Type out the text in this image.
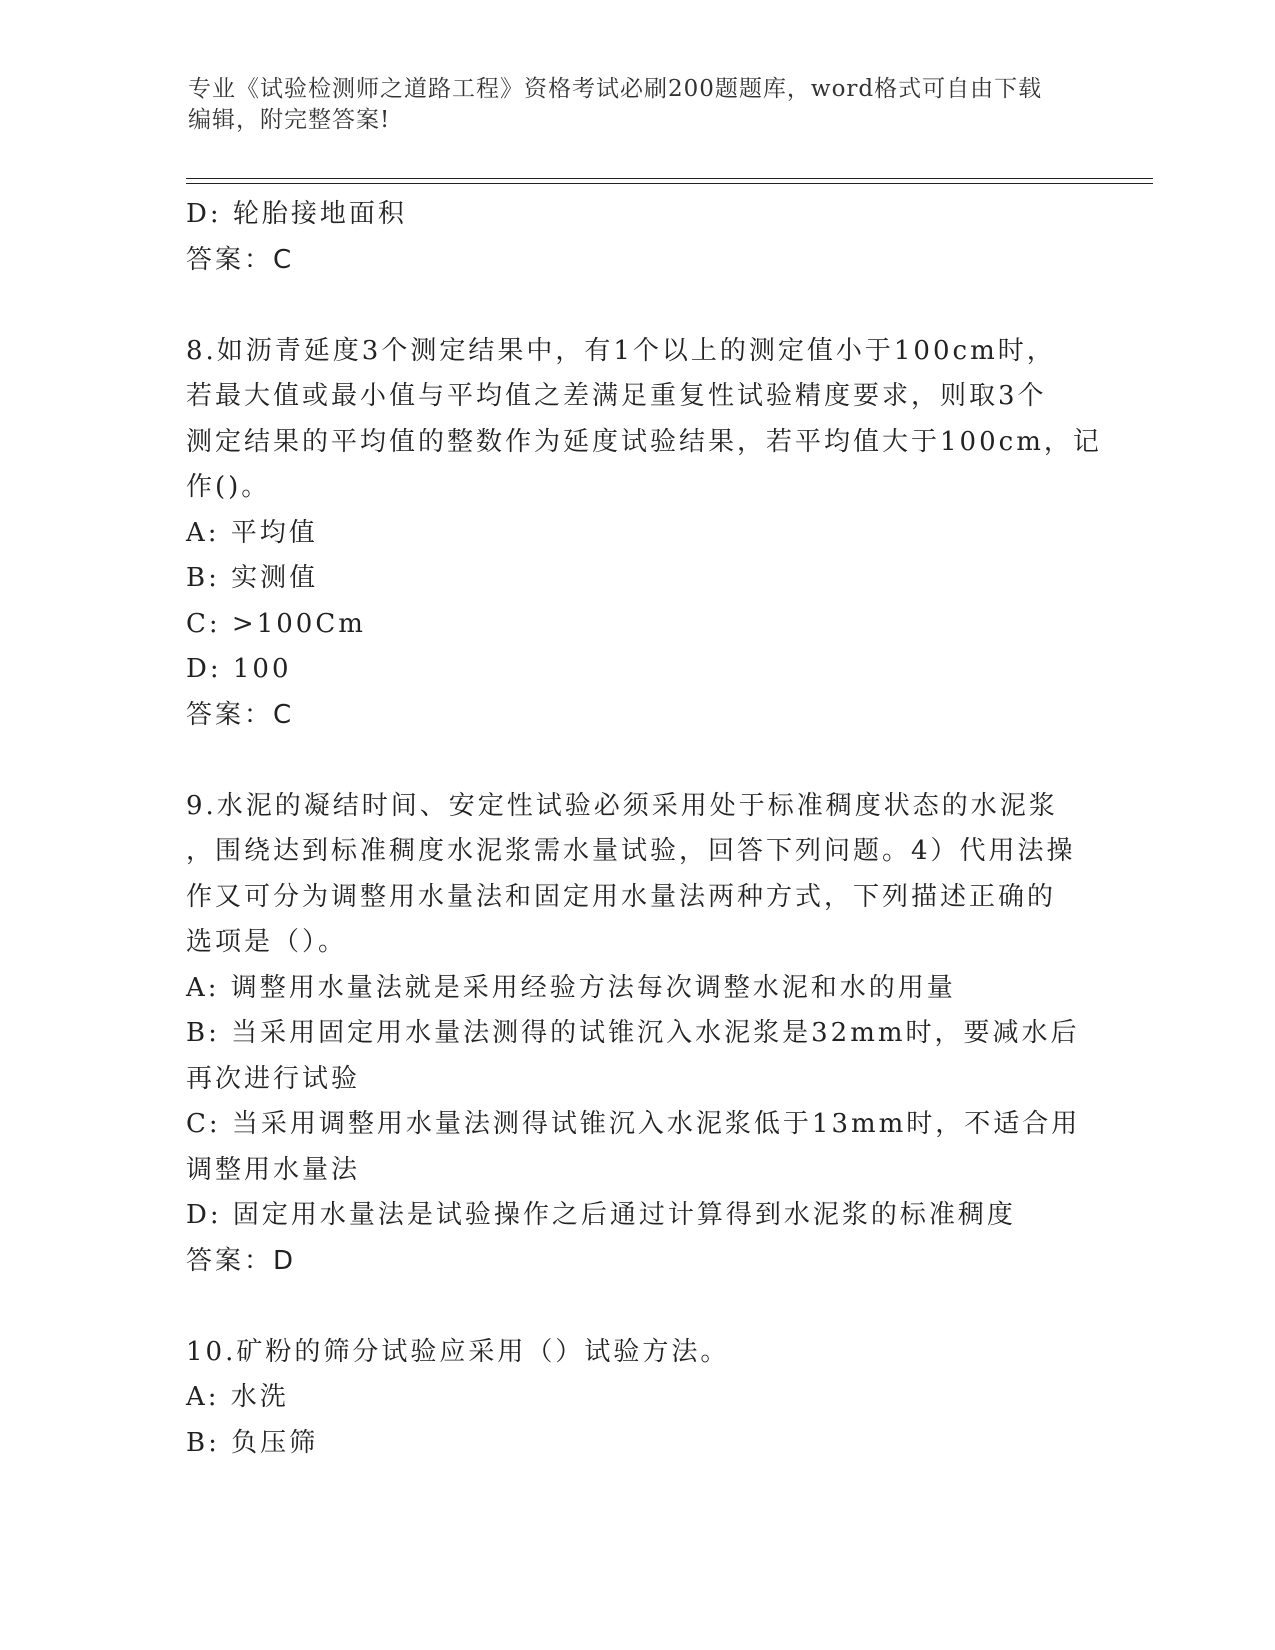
专业《试验检测师之道路工程》资格考试必刷200题题库，word格式可自由下载
编辑，附完整答案!
D: 轮胎接地面积
答案：C
8.如沥青延度3个测定结果中，有1个以上的测定值小于100cm时，
若最大值或最小值与平均值之差满足重复性试验精度要求，则取3个
测定结果的平均值的整数作为延度试验结果，若平均值大于100cm，记
作()。
A: 平均值
B: 实测值
C: >100Cm
D: 100
答案：C
9.水泥的凝结时间、安定性试验必须采用处于标准稠度状态的水泥浆
，围绕达到标准稠度水泥浆需水量试验，回答下列问题。4）代用法操
作又可分为调整用水量法和固定用水量法两种方式，下列描述正确的
选项是（）。
A: 调整用水量法就是采用经验方法每次调整水泥和水的用量
B: 当采用固定用水量法测得的试锥沉入水泥浆是32mm时，要减水后
再次进行试验
C: 当采用调整用水量法测得试锥沉入水泥浆低于13mm时，不适合用
调整用水量法
D: 固定用水量法是试验操作之后通过计算得到水泥浆的标准稠度
答案：D
10.矿粉的筛分试验应采用（）试验方法。
A: 水洗
B: 负压筛
